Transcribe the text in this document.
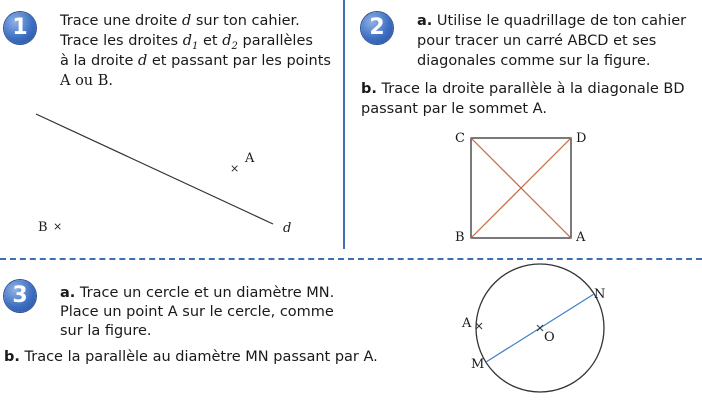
1	Trace une droite d sur ton cahier.
Trace les droites $d_1$ et $d_2$ parallèles
à la droite d et passant par les points
A ou B.
×
A
B ×	d
2	a. Utilise le quadrillage de ton cahier
pour tracer un carré ABCD et ses
diagonales comme sur la figure.
b. Trace la droite parallèle à la diagonale BD
passant par le sommet A.
C	D
B	A
3	a. Trace un cercle et un diamètre MN.
Place un point A sur le cercle, comme
sur la figure.
b. Trace la parallèle au diamètre MN passant par A.
A
O
M
N
